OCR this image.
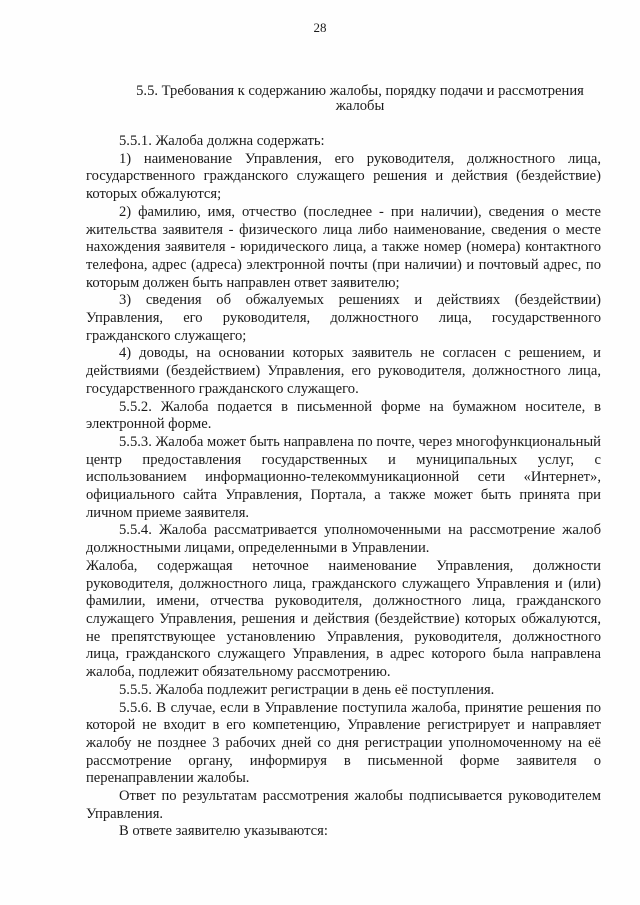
28
5.5. Требования к содержанию жалобы, порядку подачи и рассмотрения жалобы

5.5.1. Жалоба должна содержать:

1) наименование Управления, его руководителя, должностного лица, государственного гражданского служащего решения и действия (бездействие) которых обжалуются;

2) фамилию, имя, отчество (последнее - при наличии), сведения о месте жительства заявителя - физического лица либо наименование, сведения о месте нахождения заявителя - юридического лица, а также номер (номера) контактного телефона, адрес (адреса) электронной почты (при наличии) и почтовый адрес, по которым должен быть направлен ответ заявителю;

3) сведения об обжалуемых решениях и действиях (бездействии) Управления, его руководителя, должностного лица, государственного гражданского служащего;

4) доводы, на основании которых заявитель не согласен с решением, и действиями (бездействием) Управления, его руководителя, должностного лица, государственного гражданского служащего.

5.5.2. Жалоба подается в письменной форме на бумажном носителе, в электронной форме.

5.5.3. Жалоба может быть направлена по почте, через многофункциональный центр предоставления государственных и муниципальных услуг, с использованием информационно-телекоммуникационной сети «Интернет», официального сайта Управления, Портала, а также может быть принята при личном приеме заявителя.

5.5.4. Жалоба рассматривается уполномоченными на рассмотрение жалоб должностными лицами, определенными в Управлении.

Жалоба, содержащая неточное наименование Управления, должности руководителя, должностного лица, гражданского служащего Управления и (или) фамилии, имени, отчества руководителя, должностного лица, гражданского служащего Управления, решения и действия (бездействие) которых обжалуются, не препятствующее установлению Управления, руководителя, должностного лица, гражданского служащего Управления, в адрес которого была направлена жалоба, подлежит обязательному рассмотрению.

5.5.5. Жалоба подлежит регистрации в день её поступления.

5.5.6. В случае, если в Управление поступила жалоба, принятие решения по которой не входит в его компетенцию, Управление регистрирует и направляет жалобу не позднее 3 рабочих дней со дня регистрации уполномоченному на её рассмотрение органу, информируя в письменной форме заявителя о перенаправлении жалобы.

Ответ по результатам рассмотрения жалобы подписывается руководителем Управления.

В ответе заявителю указываются:
